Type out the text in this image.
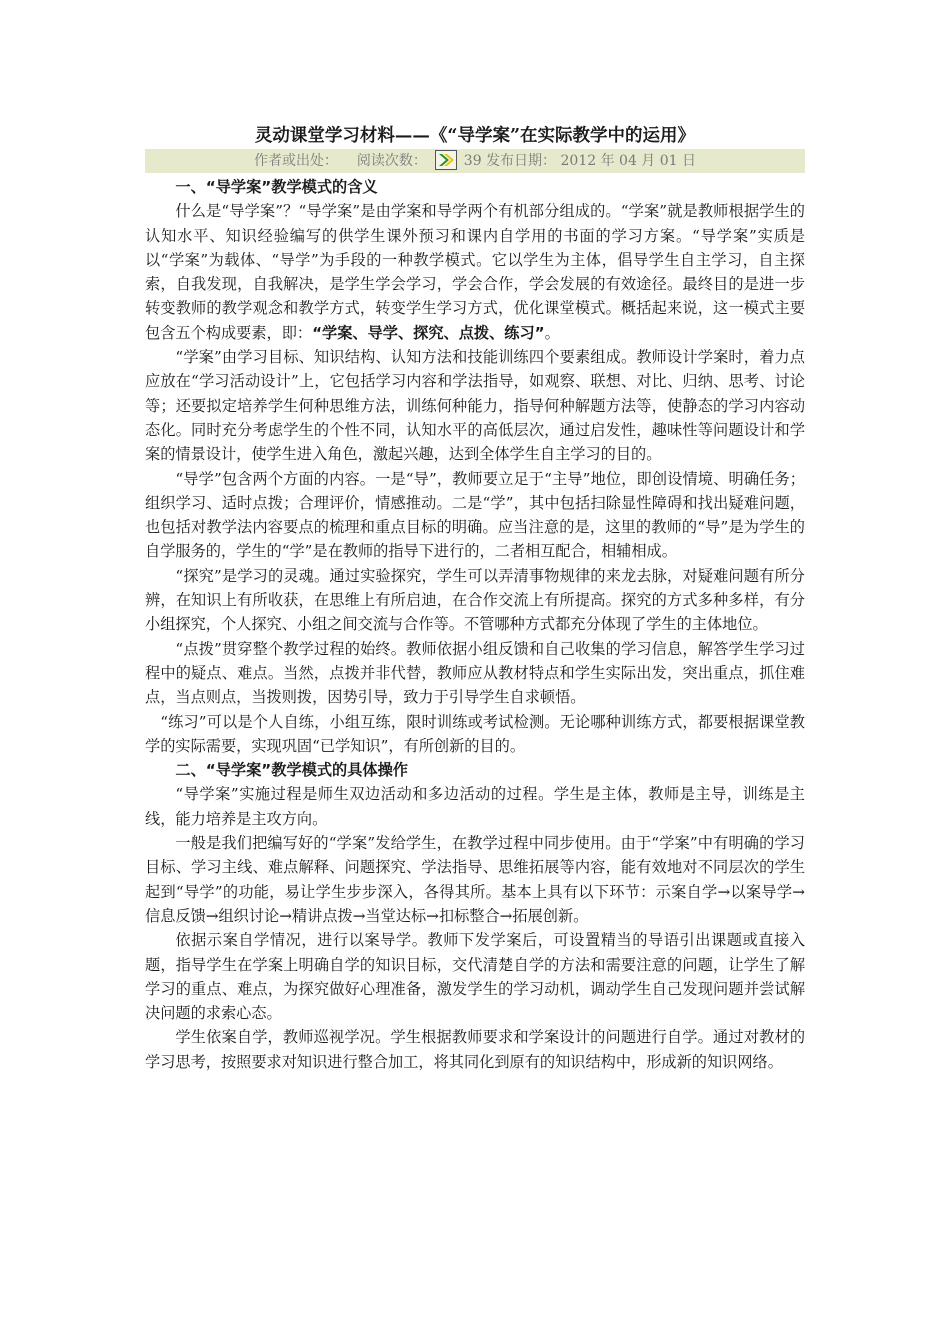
灵动课堂学习材料——《“导学案”在实际教学中的运用》
作者或出处： 阅读次数：	39 发布日期： 2012 年 04 月 01 日
一、“导学案”教学模式的含义

什么是“导学案”？“导学案”是由学案和导学两个有机部分组成的。“学案”就是教师根据学生的认知水平、知识经验编写的供学生课外预习和课内自学用的书面的学习方案。“导学案”实质是以“学案”为载体、“导学”为手段的一种教学模式。它以学生为主体，倡导学生自主学习，自主探索，自我发现，自我解决，是学生学会学习，学会合作，学会发展的有效途径。最终目的是进一步转变教师的教学观念和教学方式，转变学生学习方式，优化课堂模式。概括起来说，这一模式主要包含五个构成要素，即：“学案、导学、探究、点拨、练习”。

“学案”由学习目标、知识结构、认知方法和技能训练四个要素组成。教师设计学案时，着力点应放在“学习活动设计”上，它包括学习内容和学法指导，如观察、联想、对比、归纳、思考、讨论等；还要拟定培养学生何种思维方法，训练何种能力，指导何种解题方法等，使静态的学习内容动态化。同时充分考虑学生的个性不同，认知水平的高低层次，通过启发性，趣味性等问题设计和学案的情景设计，使学生进入角色，激起兴趣，达到全体学生自主学习的目的。

“导学”包含两个方面的内容。一是“导”，教师要立足于“主导”地位，即创设情境、明确任务；组织学习、适时点拨；合理评价，情感推动。二是“学”，其中包括扫除显性障碍和找出疑难问题，也包括对教学法内容要点的梳理和重点目标的明确。应当注意的是，这里的教师的“导”是为学生的自学服务的，学生的“学”是在教师的指导下进行的，二者相互配合，相辅相成。

“探究”是学习的灵魂。通过实验探究，学生可以弄清事物规律的来龙去脉，对疑难问题有所分辨，在知识上有所收获，在思维上有所启迪，在合作交流上有所提高。探究的方式多种多样，有分小组探究，个人探究、小组之间交流与合作等。不管哪种方式都充分体现了学生的主体地位。

“点拨”贯穿整个教学过程的始终。教师依据小组反馈和自己收集的学习信息，解答学生学习过程中的疑点、难点。当然，点拨并非代替，教师应从教材特点和学生实际出发，突出重点，抓住难点，当点则点，当拨则拨，因势引导，致力于引导学生自求顿悟。

“练习”可以是个人自练，小组互练，限时训练或考试检测。无论哪种训练方式，都要根据课堂教学的实际需要，实现巩固“已学知识”，有所创新的目的。

二、“导学案”教学模式的具体操作

“导学案”实施过程是师生双边活动和多边活动的过程。学生是主体，教师是主导，训练是主线，能力培养是主攻方向。

一般是我们把编写好的“学案”发给学生，在教学过程中同步使用。由于“学案”中有明确的学习目标、学习主线、难点解释、问题探究、学法指导、思维拓展等内容，能有效地对不同层次的学生起到“导学”的功能，易让学生步步深入，各得其所。基本上具有以下环节：示案自学→以案导学→信息反馈→组织讨论→精讲点拨→当堂达标→扣标整合→拓展创新。

依据示案自学情况，进行以案导学。教师下发学案后，可设置精当的导语引出课题或直接入题，指导学生在学案上明确自学的知识目标，交代清楚自学的方法和需要注意的问题，让学生了解学习的重点、难点，为探究做好心理准备，激发学生的学习动机，调动学生自己发现问题并尝试解决问题的求索心态。

学生依案自学，教师巡视学况。学生根据教师要求和学案设计的问题进行自学。通过对教材的学习思考，按照要求对知识进行整合加工，将其同化到原有的知识结构中，形成新的知识网络。
